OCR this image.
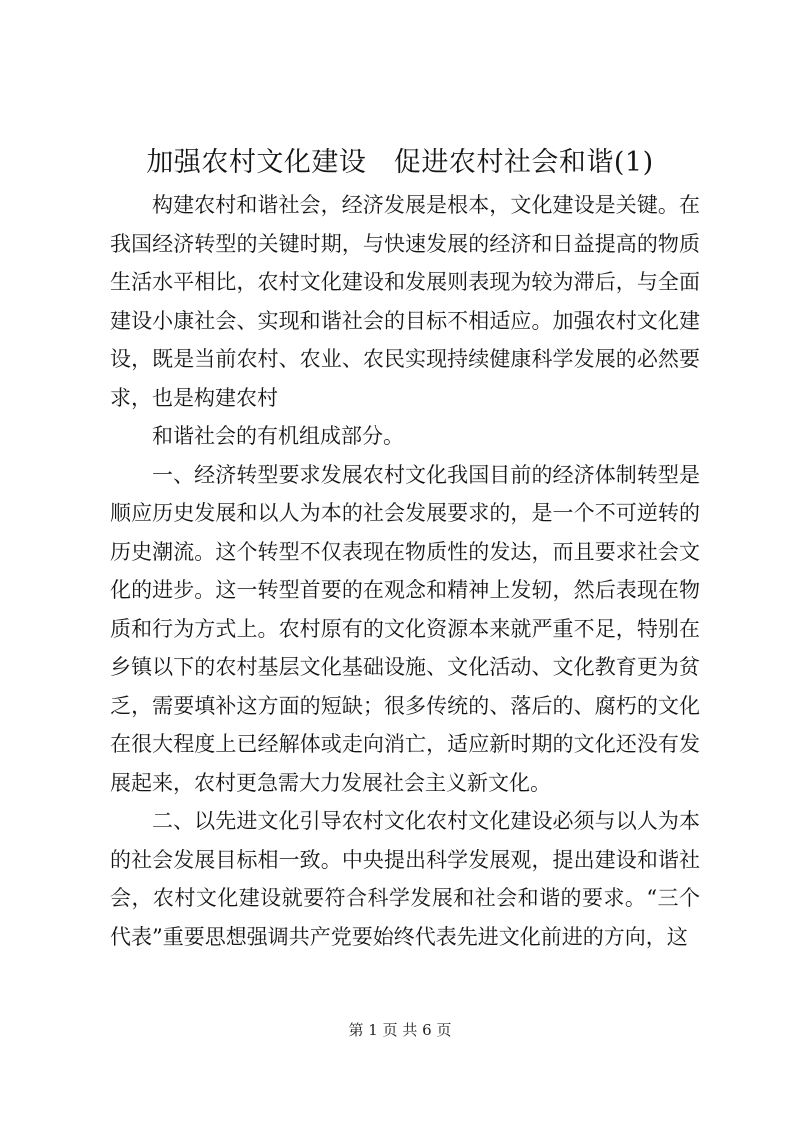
加强农村文化建设　促进农村社会和谐(1)

构建农村和谐社会，经济发展是根本，文化建设是关键。在我国经济转型的关键时期，与快速发展的经济和日益提高的物质生活水平相比，农村文化建设和发展则表现为较为滞后，与全面建设小康社会、实现和谐社会的目标不相适应。加强农村文化建设，既是当前农村、农业、农民实现持续健康科学发展的必然要求，也是构建农村

和谐社会的有机组成部分。

一、经济转型要求发展农村文化我国目前的经济体制转型是顺应历史发展和以人为本的社会发展要求的，是一个不可逆转的历史潮流。这个转型不仅表现在物质性的发达，而且要求社会文化的进步。这一转型首要的在观念和精神上发轫，然后表现在物质和行为方式上。农村原有的文化资源本来就严重不足，特别在乡镇以下的农村基层文化基础设施、文化活动、文化教育更为贫乏，需要填补这方面的短缺；很多传统的、落后的、腐朽的文化在很大程度上已经解体或走向消亡，适应新时期的文化还没有发展起来，农村更急需大力发展社会主义新文化。

二、以先进文化引导农村文化农村文化建设必须与以人为本的社会发展目标相一致。中央提出科学发展观，提出建设和谐社会，农村文化建设就要符合科学发展和社会和谐的要求。“三个代表”重要思想强调共产党要始终代表先进文化前进的方向，这

第 1 页 共 6 页
